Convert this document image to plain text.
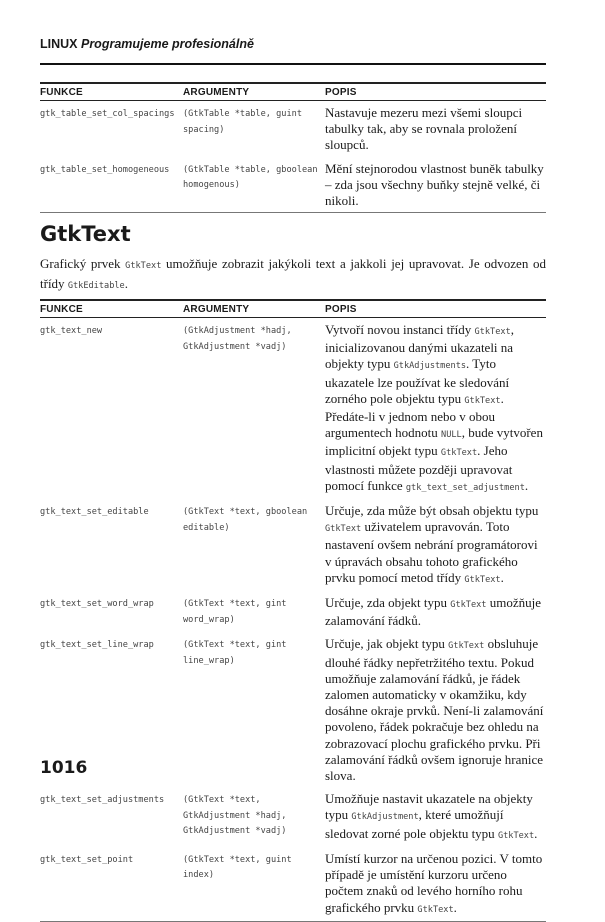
LINUX Programujeme profesionálně
FUNKCE	ARGUMENTY	POPIS
gtk_table_set_col_spacings	(GtkTable *table, guint spacing)	Nastavuje mezeru mezi všemi sloupci tabulky tak, aby se rovnala proložení sloupců.
gtk_table_set_homogeneous	(GtkTable *table, gboolean homogenous)	Mění stejnorodou vlastnost buněk tabulky – zda jsou všechny buňky stejně velké, či nikoli.
GtkText

Grafický prvek GtkText umožňuje zobrazit jakýkoli text a jakkoli jej upravovat. Je odvozen od třídy GtkEditable.

FUNKCE	ARGUMENTY	POPIS
gtk_text_new	(GtkAdjustment *hadj, GtkAdjustment *vadj)	Vytvoří novou instanci třídy GtkText, inicializovanou danými ukazateli na objekty typu GtkAdjustments. Tyto ukazatele lze používat ke sledování zorného pole objektu typu GtkText. Předáte-li v jednom nebo v obou argumentech hodnotu NULL, bude vytvořen implicitní objekt typu GtkText. Jeho vlastnosti můžete později upravovat pomocí funkce gtk_text_set_adjustment.
gtk_text_set_editable	(GtkText *text, gboolean editable)	Určuje, zda může být obsah objektu typu GtkText uživatelem upravován. Toto nastavení ovšem nebrání programátorovi v úpravách obsahu tohoto grafického prvku pomocí metod třídy GtkText.
gtk_text_set_word_wrap	(GtkText *text, gint word_wrap)	Určuje, zda objekt typu GtkText umožňuje zalamování řádků.
gtk_text_set_line_wrap	(GtkText *text, gint line_wrap)	Určuje, jak objekt typu GtkText obsluhuje dlouhé řádky nepřetržitého textu. Pokud umožňuje zalamování řádků, je řádek zalomen automaticky v okamžiku, kdy dosáhne okraje prvků. Není-li zalamování povoleno, řádek pokračuje bez ohledu na zobrazovací plochu grafického prvku. Při zalamování řádků ovšem ignoruje hranice slova.
gtk_text_set_adjustments	(GtkText *text, GtkAdjustment *hadj, GtkAdjustment *vadj)	Umožňuje nastavit ukazatele na objekty typu GtkAdjustment, které umožňují sledovat zorné pole objektu typu GtkText.
gtk_text_set_point	(GtkText *text, guint index)	Umístí kurzor na určenou pozici. V tomto případě je umístění kurzoru určeno počtem znaků od levého horního rohu grafického prvku GtkText.
1016
